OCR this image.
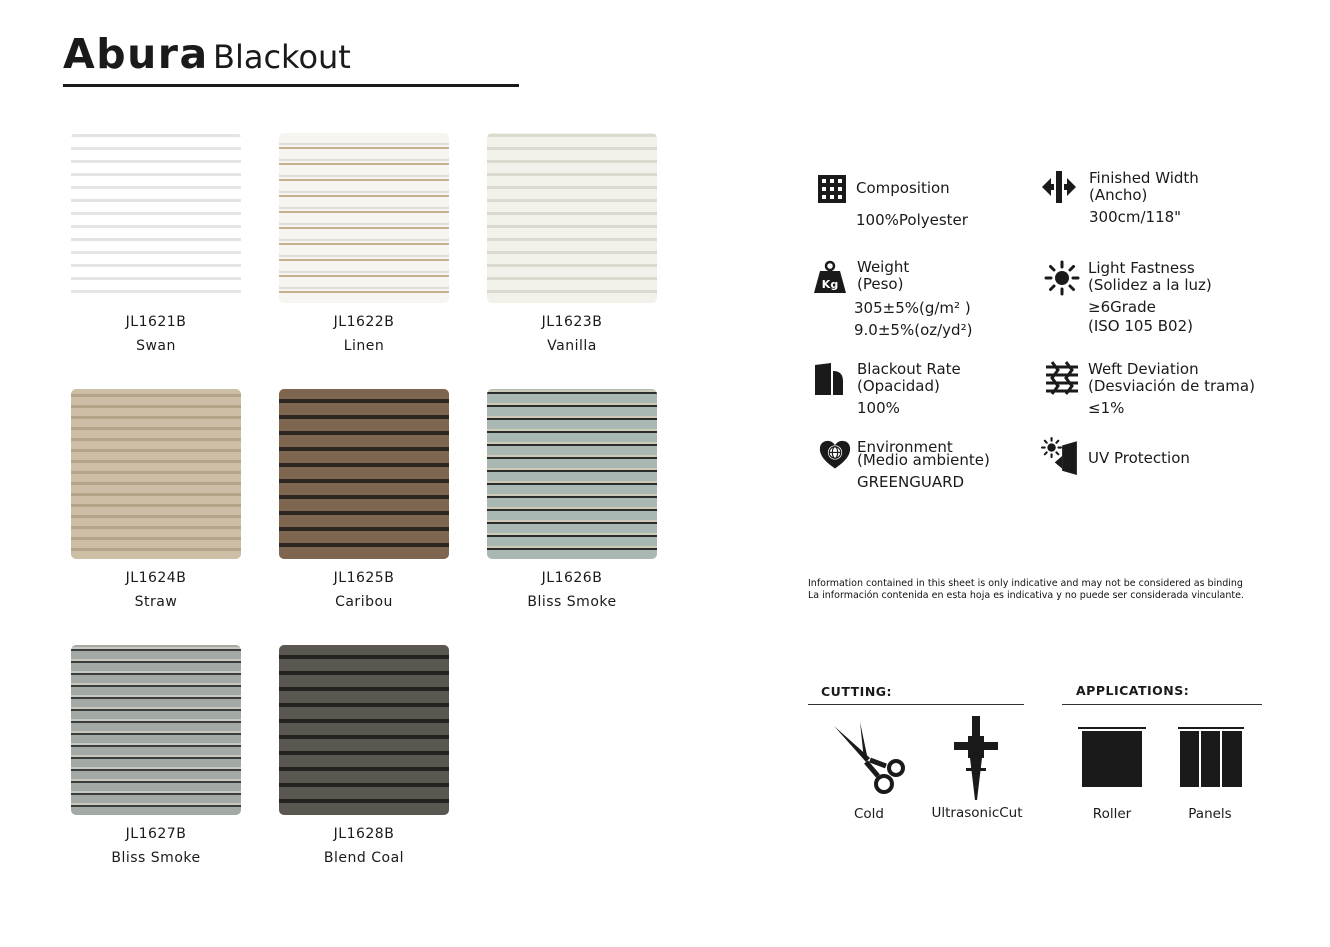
Abura Blackout
JL1621B
Swan
JL1622B
Linen
JL1623B
Vanilla
JL1624B
Straw
JL1625B
Caribou
JL1626B
Bliss Smoke
JL1627B
Bliss Smoke
JL1628B
Blend Coal
Composition
100%Polyester
Finished Width
(Ancho)
300cm/118"
Kg
Weight
(Peso)
305±5%(g/m² )
9.0±5%(oz/yd²)
Light Fastness
(Solidez a la luz)
≥6Grade
(ISO 105 B02)
Blackout Rate
(Opacidad)
100%
Weft Deviation
(Desviación de trama)
≤1%
Environment
(Medio ambiente)
GREENGUARD
UV Protection
Information contained in this sheet is only indicative and may not be considered as binding
La información contenida en esta hoja es indicativa y no puede ser considerada vinculante.
CUTTING:
Cold	UltrasonicCut
APPLICATIONS:
Roller	Panels
